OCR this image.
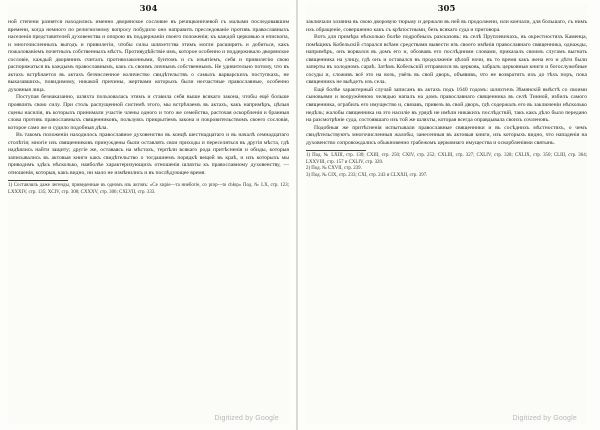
304

ной степени разнятся находились именно дворянское сословие въ речицконичевой съ малыми последовавшим времени, когда немного по религиозному вопросу побудило оно направить преследованіе противъ православныхъ населенія представителей духовенства и опорою въ поддержаніи своего положенія; къ каждой церковью и епископа, и многочисленныхъ выгодъ и привилегіи, чтобы силы шляхетства этимъ могли расширить и добиться, какъ пожалованіемъ почетныхъ собственныхъ мѣстъ. Противудѣйствіе имъ, которое особенно и поддерживало дворянское сословіе, каждый дворянинъ считалъ противозаконными, бунтомъ и съ изъятіемъ, себя и привилегію свою распоряжаться въ каждымъ православнымъ, какъ съ своимъ личнымъ собственнымъ. Не удивительно потому, что въ актахъ встрѣчается въ актахъ безчисленное количество свидѣтельствъ о самыхъ варварскихъ поступкахъ, не выказавшихъ, повидимому, никакой причины, жертвами которыхъ были несчастные православные, особенно духовныя лица.

Поступая безнаказанно, шляхта пользовалась этимъ и ставила себя выше всякаго закона, чтобы ещё больше проявлять свою силу. При столь распущенной системѣ этого, мы встрѣчаемъ въ актахъ, какъ напримѣръ, цѣлыя сцены насилія, въ которыхъ принимали участіе члены одного и того же семейства, расточая оскорбленія и бранныя слова противъ православныхъ священниковъ, пользуясь прикрытіемъ закона и покровительствомъ своего сословія, которое само же и судило подобныя дѣла.

Въ такомъ положеніи находилось православное духовенство въ концѣ шестнадцатаго и въ началѣ семнадцатаго столѣтія; многіе изъ священниковъ принуждены были оставлять свои приходы и переселяться въ другія мѣста, гдѣ надѣялись найти защиту; другіе же, оставаясь на мѣстахъ, терпѣли всякаго рода притѣсненія и обиды, которыя записывались въ актовыя книги какъ свидѣтельство о тогдашнемъ порядкѣ вещей въ краѣ, и изъ которыхъ мы приводимъ здѣсь нѣсколько, наиболѣе характеризующихъ отношенія шляхты къ православному духовенству, — отношенія, которыя, какъ видно, ни мало не измѣнились и въ послѣдующее время.

1) Составлялъ даже легенды, приведенные въ одномъ изъ актовъ: «Се хиріе—та ниебогіе, co proр—to chłop» Под. № LX, стр. 123; LXXXIV, стр. 135; XCIV, стр. 308; СXXXV, стр. 306; CXLVII, стр. 333.
Digitized by Google
305

заключали хозяина въ свою дворовую тюрьму и держали въ ней въ продолжени, или кончали, для большаго, съ нимъ ихъ обращеніе, совершенно какъ съ крѣпостными, безъ всякаго суда и приговора.

Вотъ для примѣра нѣсколько болѣе подробныхъ разсказовъ: въ селѣ Пруплевичахъ, въ окрестностяхъ Каменца, помѣщикъ Кобельскій старался всѣми средствами вывести изъ своего имѣнія православнаго священника, однажды, напримѣръ, онъ ворвался въ домъ его и, обозвавъ его послѣдними словами, приказалъ своимъ слугамъ выгнать священника на улицу, гдѣ онъ и оставался въ продолженіе цѣлой ночи, въ то время какъ жена его и дѣти были заперты въ холодномъ сараѣ. Затѣмъ Кобельскій отправился въ церковь, забралъ церковныя книги и богослужебные сосуды и, сложивъ всё это на возъ, увёзъ въ свой дворъ, объявивъ, что не возвратитъ ихъ до тѣхъ поръ, пока священникъ не выѣдетъ изъ села.

Ещё болѣе характерный случай записанъ въ актахъ подъ 1640 годомъ: шляхтичъ Зѣмянскій вмѣстѣ со своими сыновьями и вооружённою челядью напалъ на домъ православнаго священника въ селѣ Тинной, избилъ самого священника, ограбилъ его имущество и, связавъ, привезъ въ свой дворъ, гдѣ содержалъ его въ заключеніи нѣсколько недѣль; жалобы священника на это насиліе въ урядѣ не имѣли никакихъ послѣдствій, такъ какъ дѣло было передано на разсмотрѣніе суда, состоявшаго изъ той же шляхты, которая всегда оправдывала своихъ сочленовъ.

Подобныя же притѣсненія испытывали православные священники и въ сосѣднихъ мѣстностяхъ, о чемъ свидѣтельствуютъ многочисленныя жалобы, занесенныя въ актовыя книги, изъ которыхъ видно, что нападенія на духовенство сопровождались обыкновенно грабежомъ церковнаго имущества и оскорбленіями святынь.

1) Под. № LXIII, стр. 130; CXIII, стр. 250; CXIV, стр. 252; CXLIII, стр. 327; CXLIV, стр. 328; CXLIX, стр. 350; CLIII, стр. 364; LXXVIII, стр. 157 и CXLIV, стр. 320.
2) Под. № CXVII, стр. 239.
3) Под. № CIX, стр. 233; CXI, стр. 243 и CLXXII, стр. 397.
Digitized by Google
